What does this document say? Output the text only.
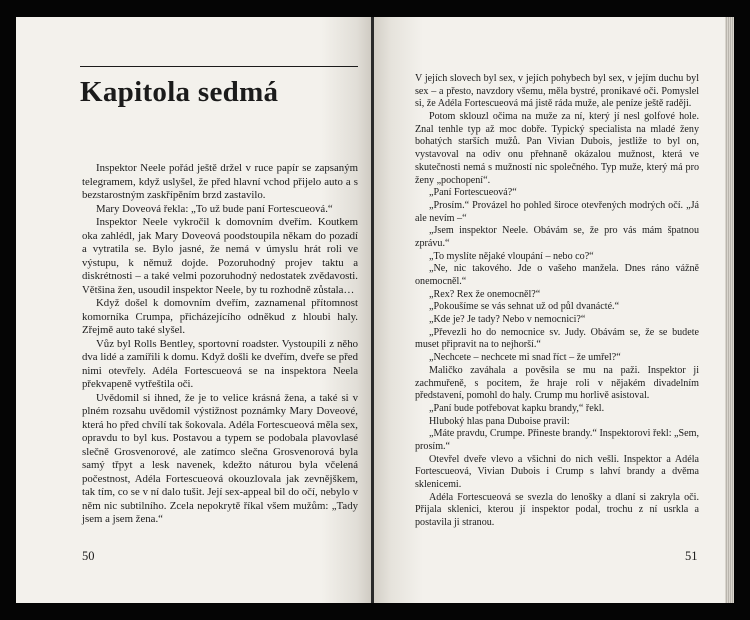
Kapitola sedmá

Inspektor Neele pořád ještě držel v ruce papír se zapsaným telegramem, když uslyšel, že před hlavní vchod přijelo auto a s bezstarostným zaskřípěním brzd zastavilo.

Mary Doveová řekla: „To už bude paní Fortescueová.“

Inspektor Neele vykročil k domovním dveřím. Koutkem oka zahlédl, jak Mary Doveová poodstoupila někam do pozadí a vytratila se. Bylo jasné, že nemá v úmyslu hrát roli ve výstupu, k němuž dojde. Pozoruhodný projev taktu a diskrétnosti – a také velmi pozoruhodný nedostatek zvědavosti. Většina žen, usoudil inspektor Neele, by tu rozhodně zůstala…

Když došel k domovním dveřím, zaznamenal přítomnost komorníka Crumpa, přicházejícího odněkud z hloubi haly. Zřejmě auto také slyšel.

Vůz byl Rolls Bentley, sportovní roadster. Vystoupili z něho dva lidé a zamířili k domu. Když došli ke dveřím, dveře se před nimi otevřely. Adéla Fortescueová se na inspektora Neela překvapeně vytřeštila oči.

Uvědomil si ihned, že je to velice krásná žena, a také si v plném rozsahu uvědomil výstižnost poznámky Mary Doveové, která ho před chvílí tak šokovala. Adéla Fortescueová měla sex, opravdu to byl kus. Postavou a typem se podobala plavovlasé slečně Grosvenorové, ale zatímco slečna Grosvenorová byla samý třpyt a lesk navenek, kdežto náturou byla včelená počestnost, Adéla Fortescueová okouzlovala jak zevnějškem, tak tím, co se v ní dalo tušit. Její sex-appeal bil do očí, nebylo v něm nic subtilního. Zcela nepokrytě říkal všem mužům: „Tady jsem a jsem žena.“

50

V jejích slovech byl sex, v jejích pohybech byl sex, v jejím duchu byl sex – a přesto, navzdory všemu, měla bystré, pronikavé oči. Pomyslel si, že Adéla Fortescueová má jistě ráda muže, ale peníze ještě raději.

Potom sklouzl očima na muže za ní, který jí nesl golfové hole. Znal tenhle typ až moc dobře. Typický specialista na mladé ženy bohatých starších mužů. Pan Vivian Dubois, jestliže to byl on, vystavoval na odiv onu přehnaně okázalou mužnost, která ve skutečnosti nemá s mužností nic společného. Typ muže, který má pro ženy „pochopení“.

„Paní Fortescueová?“

„Prosím.“ Provázel ho pohled široce otevřených modrých očí. „Já ale nevím –“

„Jsem inspektor Neele. Obávám se, že pro vás mám špatnou zprávu.“

„To myslíte nějaké vloupání – nebo co?“

„Ne, nic takového. Jde o vašeho manžela. Dnes ráno vážně onemocněl.“

„Rex? Rex že onemocněl?“

„Pokoušíme se vás sehnat už od půl dvanácté.“

„Kde je? Je tady? Nebo v nemocnici?“

„Převezli ho do nemocnice sv. Judy. Obávám se, že se budete muset připravit na to nejhorší.“

„Nechcete – nechcete mi snad říct – že umřel?“

Maličko zaváhala a pověsila se mu na paži. Inspektor ji zachmuřeně, s pocitem, že hraje roli v nějakém divadelním představení, pomohl do haly. Crump mu horlivě asistoval.

„Paní bude potřebovat kapku brandy,“ řekl.

Hluboký hlas pana Duboise pravil:

„Máte pravdu, Crumpe. Přineste brandy.“ Inspektorovi řekl: „Sem, prosím.“

Otevřel dveře vlevo a všichni do nich vešli. Inspektor a Adéla Fortescueová, Vivian Dubois i Crump s lahví brandy a dvěma sklenicemi.

Adéla Fortescueová se svezla do lenošky a dlaní si zakryla oči. Přijala sklenici, kterou jí inspektor podal, trochu z ní usrkla a postavila ji stranou.

51
